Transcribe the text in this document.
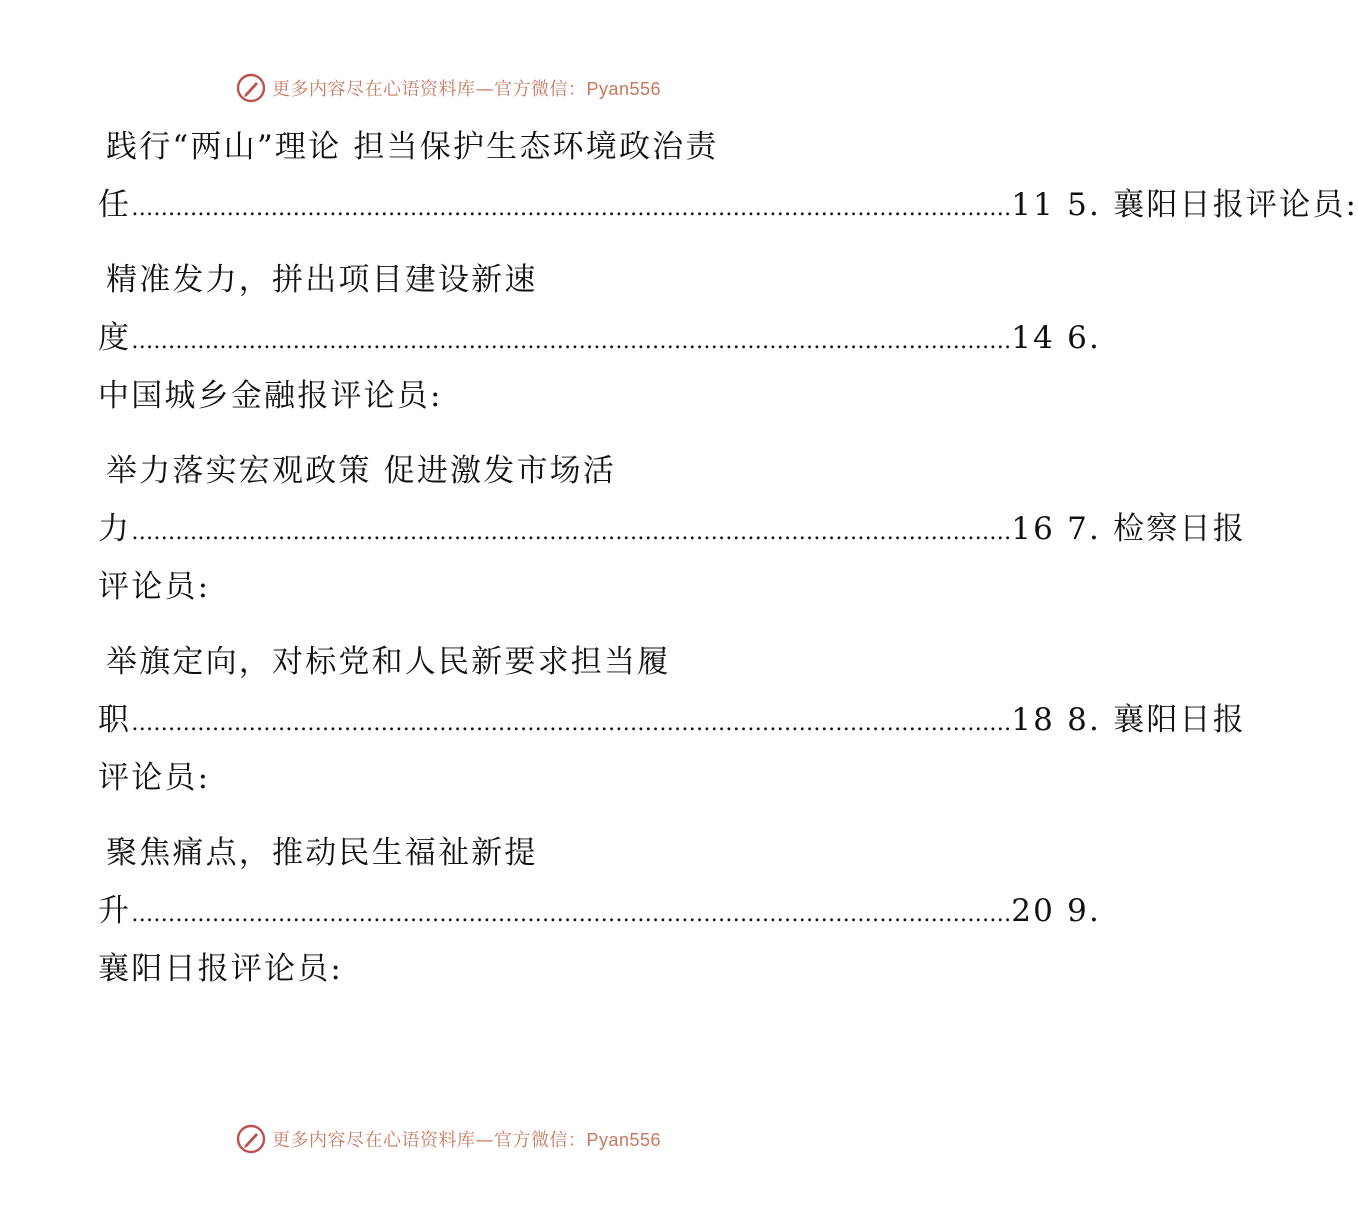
更多内容尽在心语资料库—官方微信：Pyan556
践行“两山”理论 担当保护生态环境政治责
任 ………………………………………………………………………………………………………… 11 5. 襄阳日报评论员:
精准发力，拼出项目建设新速
度 ………………………………………………………………………………………………………… 14 6.
中国城乡金融报评论员:
举力落实宏观政策 促进激发市场活
力 ………………………………………………………………………………………………………… 16 7. 检察日报
评论员:
举旗定向，对标党和人民新要求担当履
职 ………………………………………………………………………………………………………… 18 8. 襄阳日报
评论员:
聚焦痛点，推动民生福祉新提
升 ………………………………………………………………………………………………………… 20 9.
襄阳日报评论员:
更多内容尽在心语资料库—官方微信：Pyan556
